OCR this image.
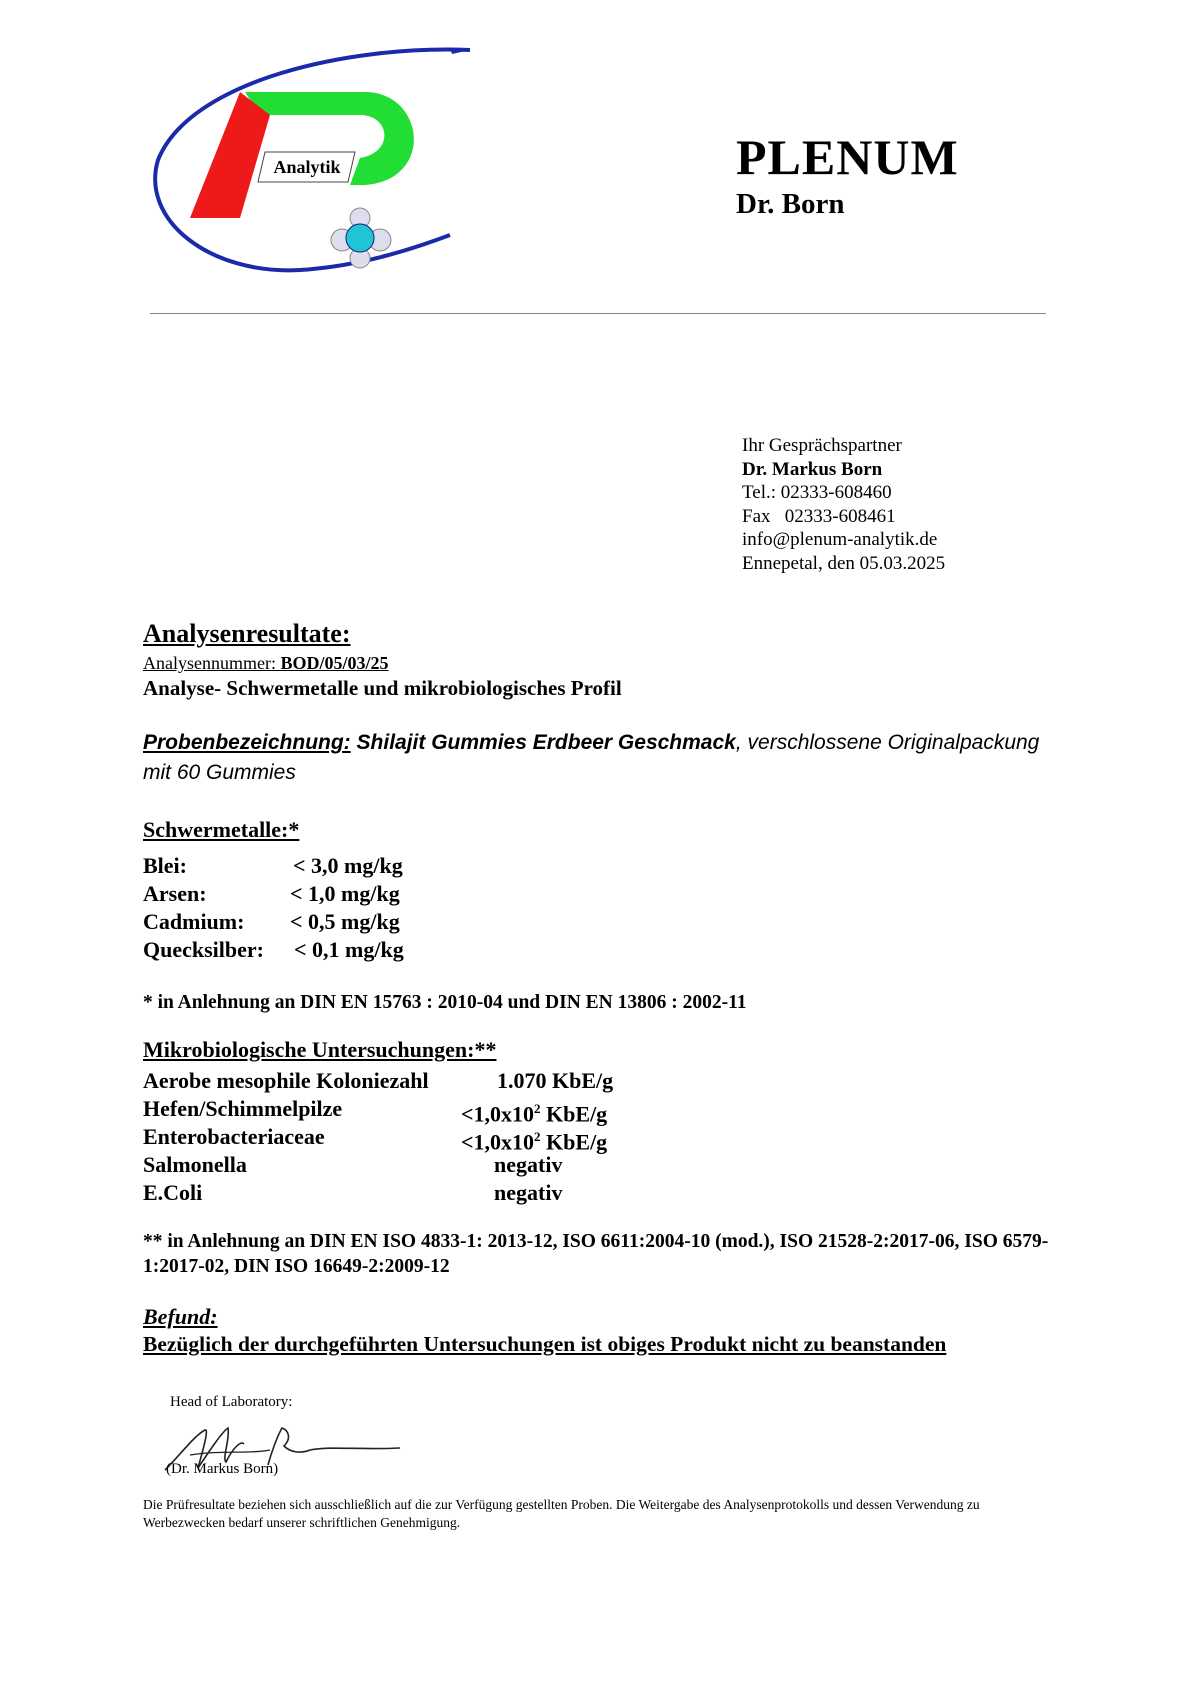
Analytik	PLENUM
Dr. Born
Ihr Gesprächspartner
Dr. Markus Born
Tel.: 02333-608460
Fax   02333-608461
info@plenum-analytik.de
Ennepetal, den 05.03.2025
Analysenresultate:
Analysennummer: BOD/05/03/25
Analyse- Schwermetalle und mikrobiologisches Profil
Probenbezeichnung: Shilajit Gummies Erdbeer Geschmack, verschlossene Originalpackung mit 60 Gummies
Schwermetalle:*
Blei:	< 3,0 mg/kg
Arsen:	< 1,0 mg/kg
Cadmium: < 0,5 mg/kg
Quecksilber: < 0,1 mg/kg
* in Anlehnung an DIN EN 15763 : 2010-04 und DIN EN 13806 : 2002-11
Mikrobiologische Untersuchungen:**
Aerobe mesophile Koloniezahl	1.070 KbE/g
Hefen/Schimmelpilze	$<1,0x10^2$ KbE/g
Enterobacteriaceae	$<1,0x10^2$ KbE/g
Salmonella	negativ
E.Coli	negativ
** in Anlehnung an DIN EN ISO 4833-1: 2013-12, ISO 6611:2004-10 (mod.), ISO 21528-2:2017-06, ISO 6579-1:2017-02, DIN ISO 16649-2:2009-12
Befund:
Bezüglich der durchgeführten Untersuchungen ist obiges Produkt nicht zu beanstanden
Head of Laboratory:
(Dr. Markus Born)
Die Prüfresultate beziehen sich ausschließlich auf die zur Verfügung gestellten Proben. Die Weitergabe des Analysenprotokolls und dessen Verwendung zu Werbezwecken bedarf unserer schriftlichen Genehmigung.
